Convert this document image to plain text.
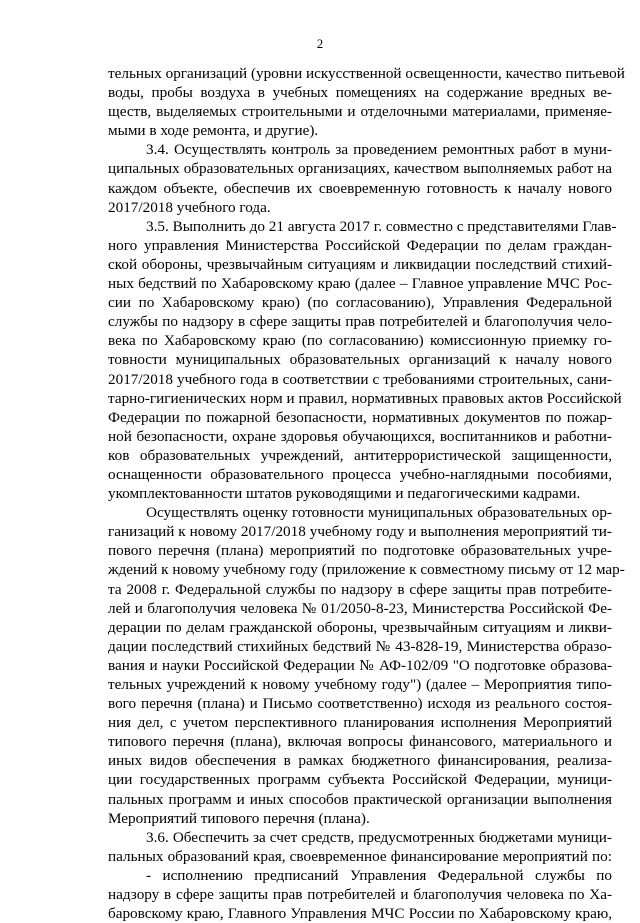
2
тельных организаций (уровни искусственной освещенности, качество питьевой
воды, пробы воздуха в учебных помещениях на содержание вредных ве-
ществ, выделяемых строительными и отделочными материалами, применяе-
мыми в ходе ремонта, и другие).
3.4. Осуществлять контроль за проведением ремонтных работ в муни-
ципальных образовательных организациях, качеством выполняемых работ на
каждом объекте, обеспечив их своевременную готовность к началу нового
2017/2018 учебного года.
3.5. Выполнить до 21 августа 2017 г. совместно с представителями Глав-
ного управления Министерства Российской Федерации по делам граждан-
ской обороны, чрезвычайным ситуациям и ликвидации последствий стихий-
ных бедствий по Хабаровскому краю (далее – Главное управление МЧС Рос-
сии по Хабаровскому краю) (по согласованию), Управления Федеральной
службы по надзору в сфере защиты прав потребителей и благополучия чело-
века по Хабаровскому краю (по согласованию) комиссионную приемку го-
товности муниципальных образовательных организаций к началу нового
2017/2018 учебного года в соответствии с требованиями строительных, сани-
тарно-гигиенических норм и правил, нормативных правовых актов Российской
Федерации по пожарной безопасности, нормативных документов по пожар-
ной безопасности, охране здоровья обучающихся, воспитанников и работни-
ков образовательных учреждений, антитеррористической защищенности,
оснащенности образовательного процесса учебно-наглядными пособиями,
укомплектованности штатов руководящими и педагогическими кадрами.
Осуществлять оценку готовности муниципальных образовательных ор-
ганизаций к новому 2017/2018 учебному году и выполнения мероприятий ти-
пового перечня (плана) мероприятий по подготовке образовательных учре-
ждений к новому учебному году (приложение к совместному письму от 12 мар-
та 2008 г. Федеральной службы по надзору в сфере защиты прав потребите-
лей и благополучия человека № 01/2050-8-23, Министерства Российской Фе-
дерации по делам гражданской обороны, чрезвычайным ситуациям и ликви-
дации последствий стихийных бедствий № 43-828-19, Министерства образо-
вания и науки Российской Федерации № АФ-102/09 "О подготовке образова-
тельных учреждений к новому учебному году") (далее – Мероприятия типо-
вого перечня (плана) и Письмо соответственно) исходя из реального состоя-
ния дел, с учетом перспективного планирования исполнения Мероприятий
типового перечня (плана), включая вопросы финансового, материального и
иных видов обеспечения в рамках бюджетного финансирования, реализа-
ции государственных программ субъекта Российской Федерации, муници-
пальных программ и иных способов практической организации выполнения
Мероприятий типового перечня (плана).
3.6. Обеспечить за счет средств, предусмотренных бюджетами муници-
пальных образований края, своевременное финансирование мероприятий по:
- исполнению предписаний Управления Федеральной службы по
надзору в сфере защиты прав потребителей и благополучия человека по Ха-
баровскому краю, Главного Управления МЧС России по Хабаровскому краю,
